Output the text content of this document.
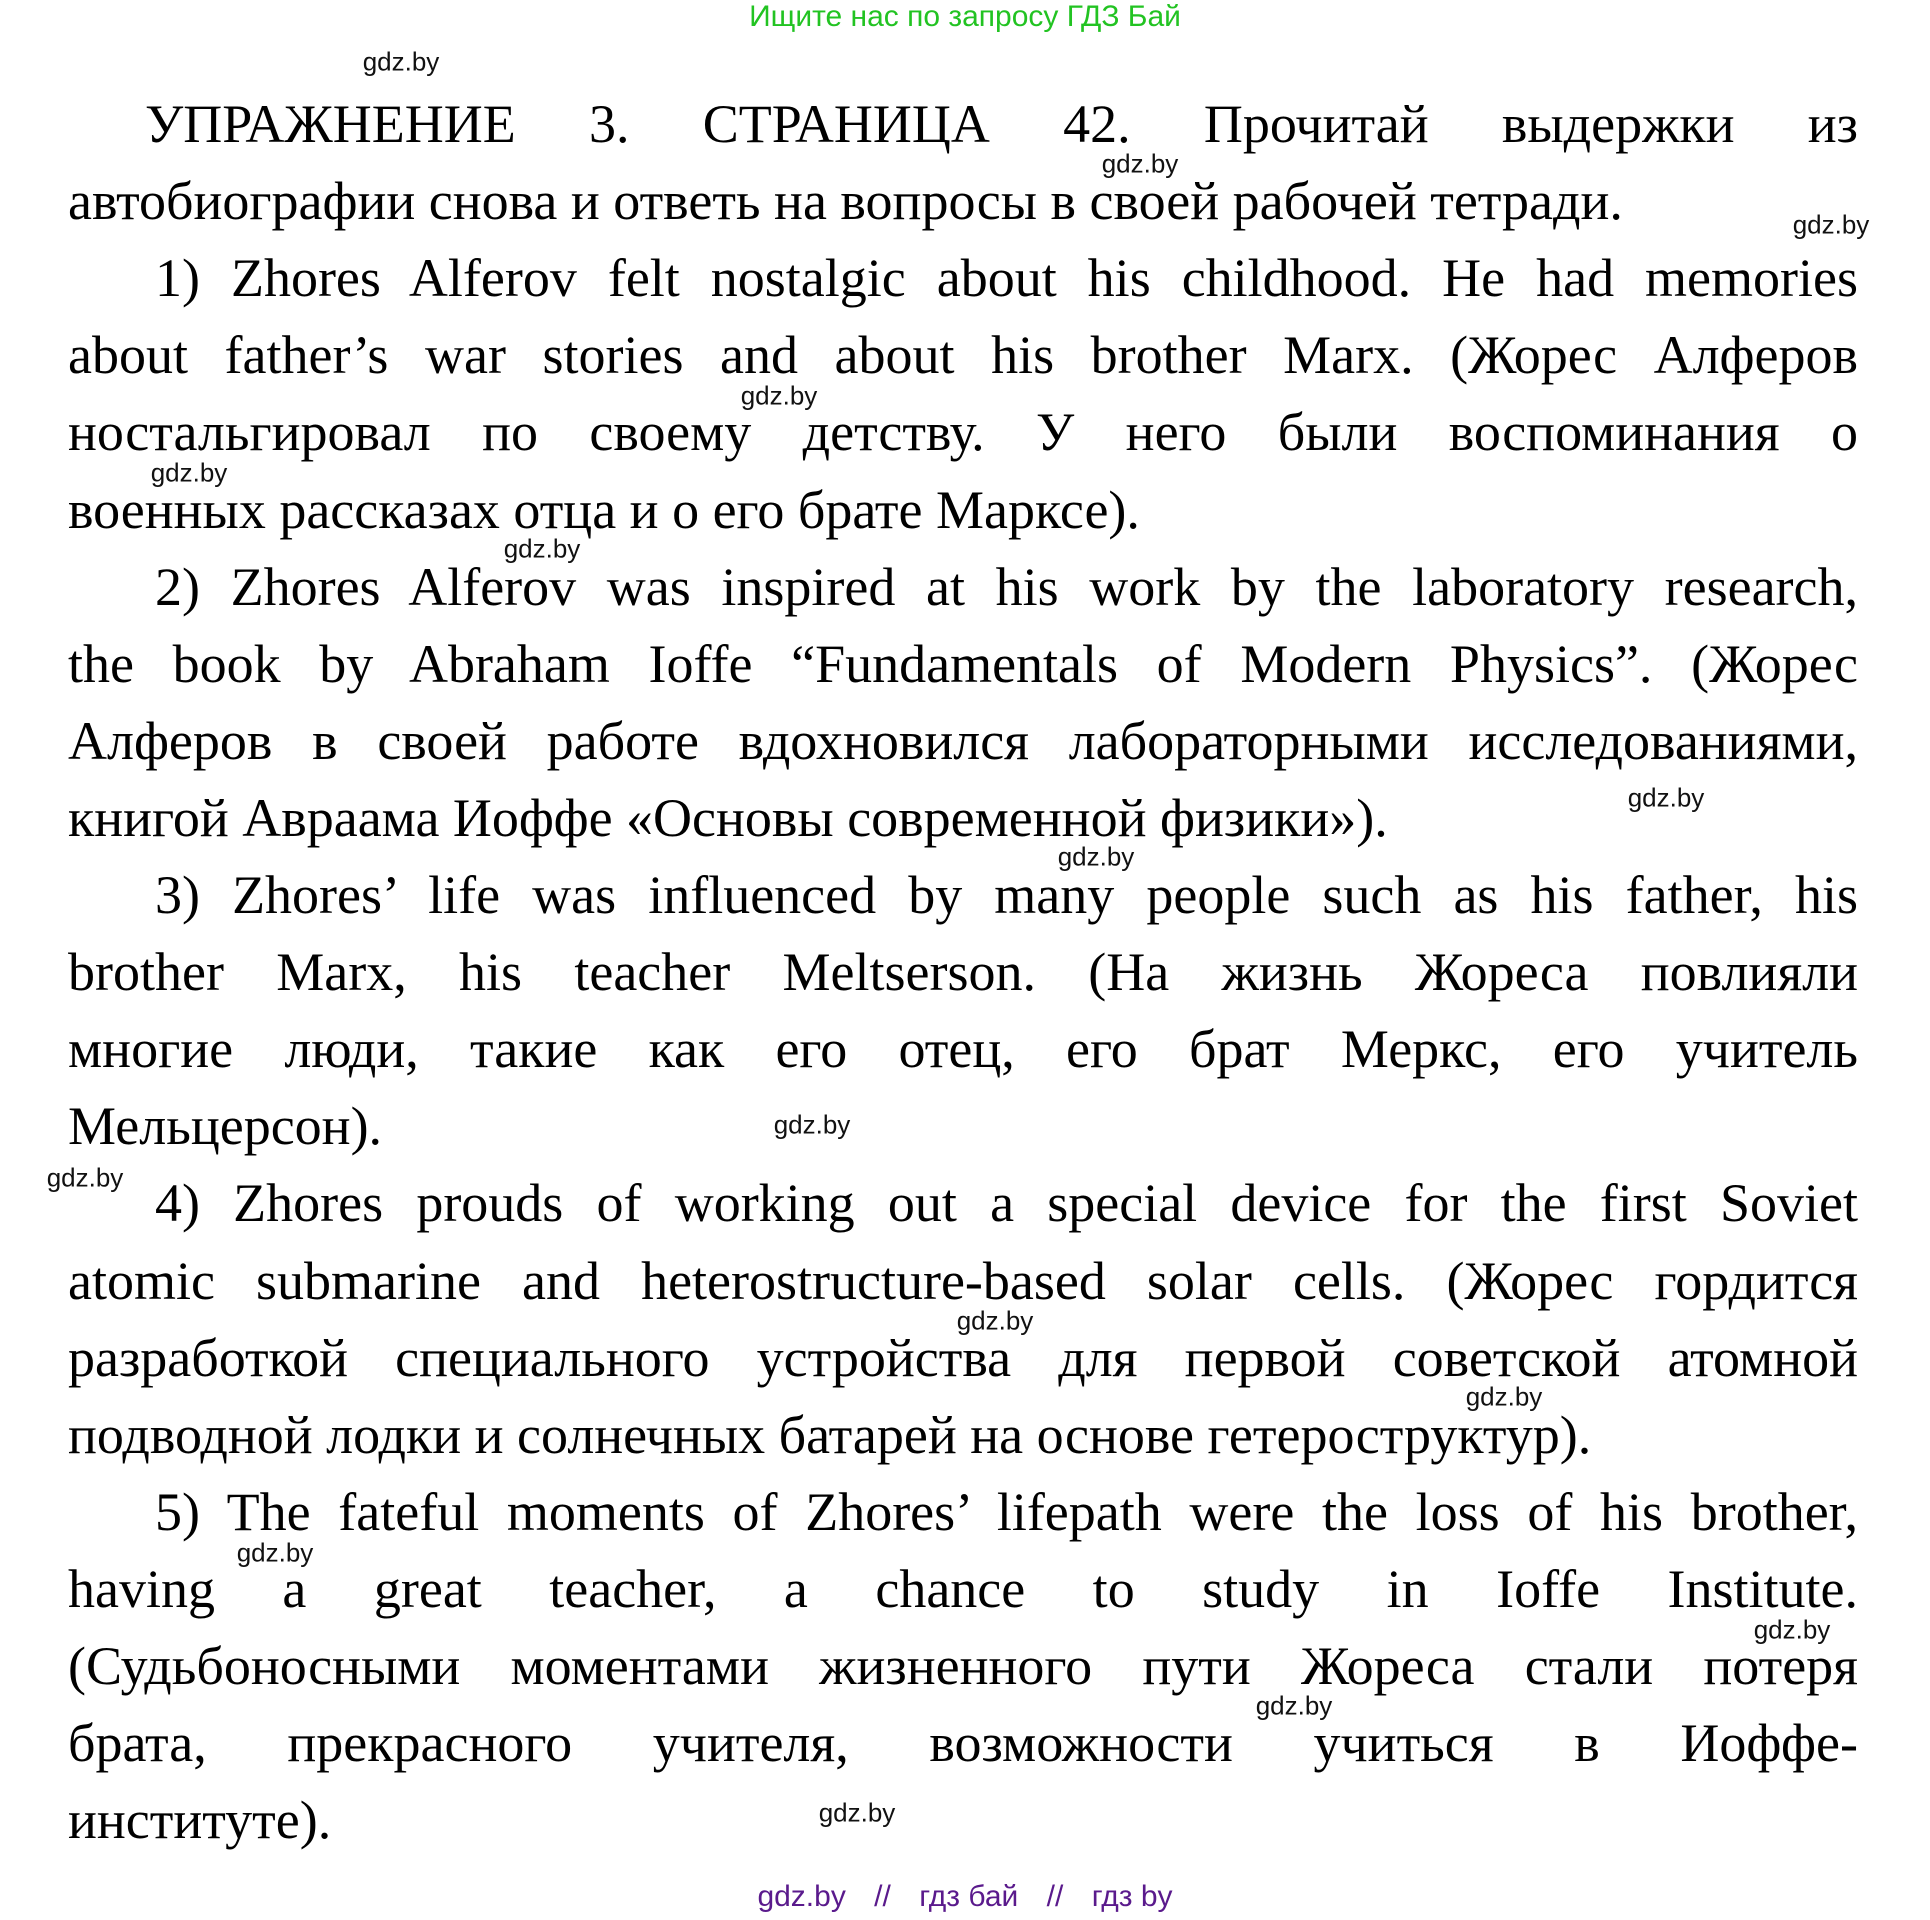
Ищите нас по запросу ГДЗ Бай
УПРАЖНЕНИЕ 3. СТРАНИЦА 42. Прочитай выдержки из
автобиографии снова и ответь на вопросы в своей рабочей тетради.
1) Zhores Alferov felt nostalgic about his childhood. He had memories
about father’s war stories and about his brother Marx. (Жорес Алферов
ностальгировал по своему детству. У него были воспоминания о
военных рассказах отца и о его брате Марксе).
2) Zhores Alferov was inspired at his work by the laboratory research,
the book by Abraham Ioffe “Fundamentals of Modern Physics”. (Жорес
Алферов в своей работе вдохновился лабораторными исследованиями,
книгой Авраама Иоффе «Основы современной физики»).
3) Zhores’ life was influenced by many people such as his father, his
brother Marx, his teacher Meltserson. (На жизнь Жореса повлияли
многие люди, такие как его отец, его брат Меркс, его учитель
Мельцерсон).
4) Zhores prouds of working out a special device for the first Soviet
atomic submarine and heterostructure-based solar cells. (Жорес гордится
разработкой специального устройства для первой советской атомной
подводной лодки и солнечных батарей на основе гетероструктур).
5) The fateful moments of Zhores’ lifepath were the loss of his brother,
having a great teacher, a chance to study in Ioffe Institute.
(Судьбоносными моментами жизненного пути Жореса стали потеря
брата, прекрасного учителя, возможности учиться в Иоффе-
институте).
gdz.by // гдз бай // гдз by
gdz.by
gdz.by
gdz.by
gdz.by
gdz.by
gdz.by
gdz.by
gdz.by
gdz.by
gdz.by
gdz.by
gdz.by
gdz.by
gdz.by
gdz.by
gdz.by
